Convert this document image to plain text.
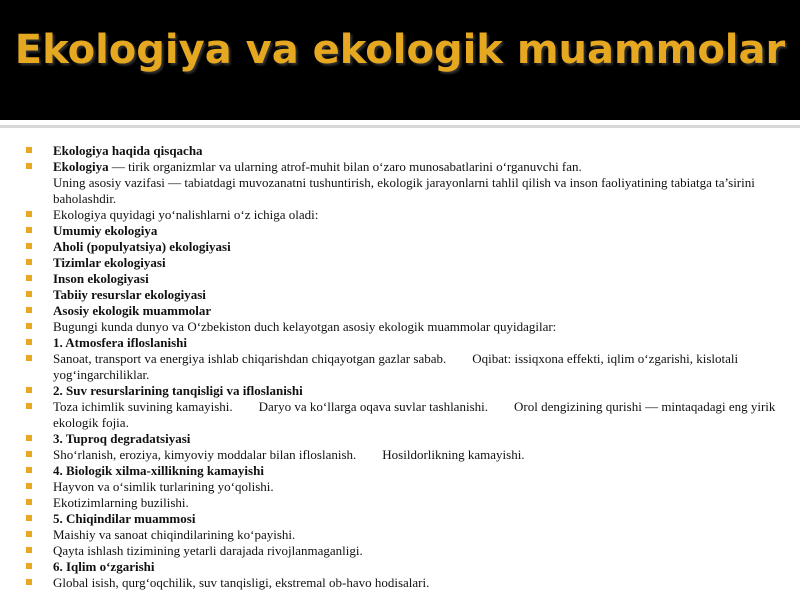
Ekologiya va ekologik muammolar
Ekologiya haqida qisqacha
Ekologiya — tirik organizmlar va ularning atrof-muhit bilan o‘zaro munosabatlarini o‘rganuvchi fan.
Uning asosiy vazifasi — tabiatdagi muvozanatni tushuntirish, ekologik jarayonlarni tahlil qilish va inson faoliyatining tabiatga ta’sirini baholashdir.
Ekologiya quyidagi yo‘nalishlarni o‘z ichiga oladi:
Umumiy ekologiya
Aholi (populyatsiya) ekologiyasi
Tizimlar ekologiyasi
Inson ekologiyasi
Tabiiy resurslar ekologiyasi
Asosiy ekologik muammolar
Bugungi kunda dunyo va O‘zbekiston duch kelayotgan asosiy ekologik muammolar quyidagilar:
1. Atmosfera ifloslanishi
Sanoat, transport va energiya ishlab chiqarishdan chiqayotgan gazlar sabab. Oqibat: issiqxona effekti, iqlim o‘zgarishi, kislotali yog‘ingarchiliklar.
2. Suv resurslarining tanqisligi va ifloslanishi
Toza ichimlik suvining kamayishi. Daryo va ko‘llarga oqava suvlar tashlanishi. Orol dengizining qurishi — mintaqadagi eng yirik ekologik fojia.
3. Tuproq degradatsiyasi
Sho‘rlanish, eroziya, kimyoviy moddalar bilan ifloslanish. Hosildorlikning kamayishi.
4. Biologik xilma-xillikning kamayishi
Hayvon va o‘simlik turlarining yo‘qolishi.
Ekotizimlarning buzilishi.
5. Chiqindilar muammosi
Maishiy va sanoat chiqindilarining ko‘payishi.
Qayta ishlash tizimining yetarli darajada rivojlanmaganligi.
6. Iqlim o‘zgarishi
Global isish, qurg‘oqchilik, suv tanqisligi, ekstremal ob-havo hodisalari.
